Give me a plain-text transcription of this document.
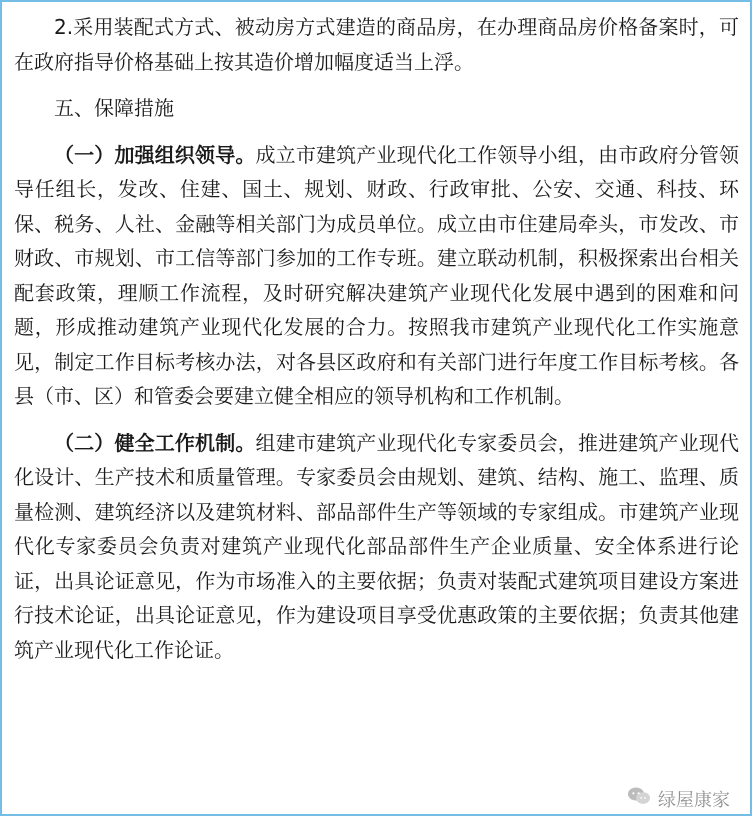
2.采用装配式方式、被动房方式建造的商品房，在办理商品房价格备案时，可在政府指导价格基础上按其造价增加幅度适当上浮。

五、保障措施

（一）加强组织领导。成立市建筑产业现代化工作领导小组，由市政府分管领导任组长，发改、住建、国土、规划、财政、行政审批、公安、交通、科技、环保、税务、人社、金融等相关部门为成员单位。成立由市住建局牵头，市发改、市财政、市规划、市工信等部门参加的工作专班。建立联动机制，积极探索出台相关配套政策，理顺工作流程，及时研究解决建筑产业现代化发展中遇到的困难和问题，形成推动建筑产业现代化发展的合力。按照我市建筑产业现代化工作实施意见，制定工作目标考核办法，对各县区政府和有关部门进行年度工作目标考核。各县（市、区）和管委会要建立健全相应的领导机构和工作机制。

（二）健全工作机制。组建市建筑产业现代化专家委员会，推进建筑产业现代化设计、生产技术和质量管理。专家委员会由规划、建筑、结构、施工、监理、质量检测、建筑经济以及建筑材料、部品部件生产等领域的专家组成。市建筑产业现代化专家委员会负责对建筑产业现代化部品部件生产企业质量、安全体系进行论证，出具论证意见，作为市场准入的主要依据；负责对装配式建筑项目建设方案进行技术论证，出具论证意见，作为建设项目享受优惠政策的主要依据；负责其他建筑产业现代化工作论证。

绿屋康家
